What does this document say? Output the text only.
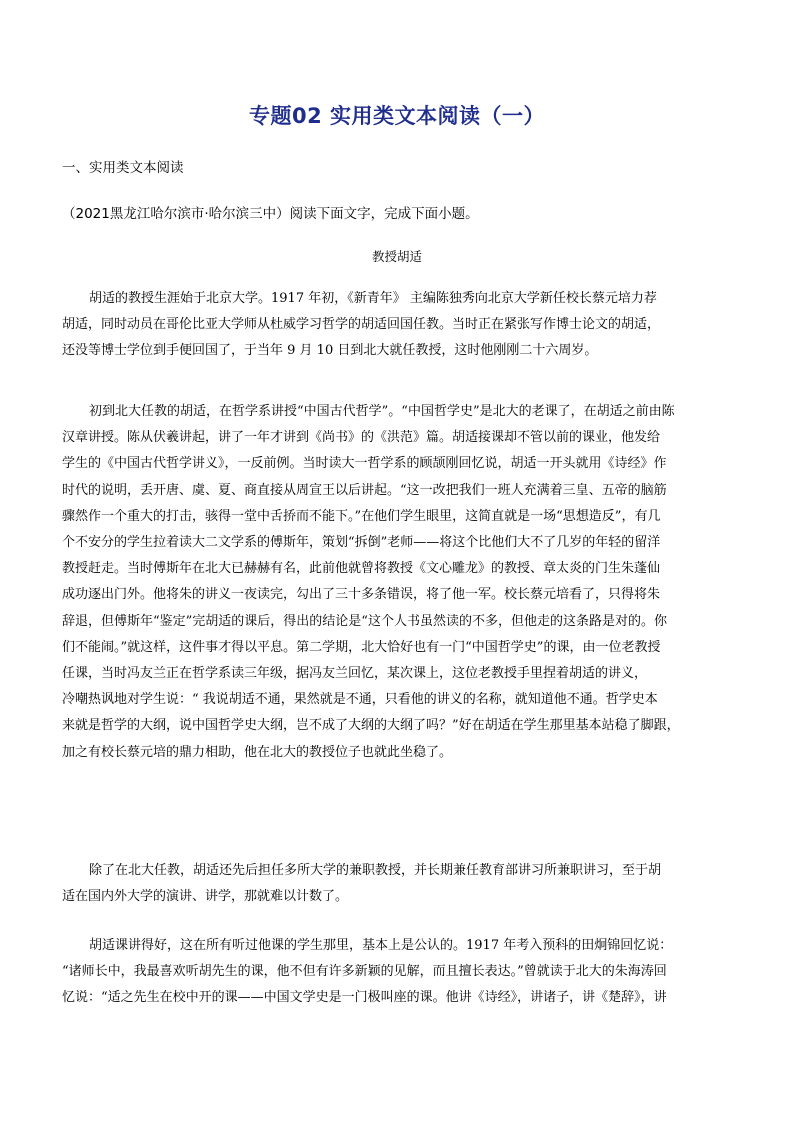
专题02 实用类文本阅读（一）
一、实用类文本阅读
（2021黑龙江哈尔滨市·哈尔滨三中）阅读下面文字，完成下面小题。
教授胡适
胡适的教授生涯始于北京大学。1917 年初，《新青年》 主编陈独秀向北京大学新任校长蔡元培力荐
胡适，同时动员在哥伦比亚大学师从杜威学习哲学的胡适回国任教。当时正在紧张写作博士论文的胡适，
还没等博士学位到手便回国了，于当年 9 月 10 日到北大就任教授，这时他刚刚二十六周岁。
初到北大任教的胡适，在哲学系讲授“中国古代哲学”。“中国哲学史”是北大的老课了，在胡适之前由陈
汉章讲授。陈从伏羲讲起，讲了一年才讲到《尚书》的《洪范》篇。胡适接课却不管以前的课业，他发给
学生的《中国古代哲学讲义》，一反前例。当时读大一哲学系的顾颉刚回忆说，胡适一开头就用《诗经》作
时代的说明，丢开唐、虞、夏、商直接从周宣王以后讲起。“这一改把我们一班人充满着三皇、五帝的脑筋
骤然作一个重大的打击，骇得一堂中舌挢而不能下。”在他们学生眼里，这简直就是一场“思想造反”，有几
个不安分的学生拉着读大二文学系的傅斯年，策划“拆倒”老师——将这个比他们大不了几岁的年轻的留洋
教授赶走。当时傅斯年在北大已赫赫有名，此前他就曾将教授《文心雕龙》的教授、章太炎的门生朱蓬仙
成功逐出门外。他将朱的讲义一夜读完，勾出了三十多条错误，将了他一军。校长蔡元培看了，只得将朱
辞退，但傅斯年“鉴定”完胡适的课后，得出的结论是“这个人书虽然读的不多，但他走的这条路是对的。你
们不能闹。”就这样，这件事才得以平息。第二学期，北大恰好也有一门“中国哲学史”的课，由一位老教授
任课，当时冯友兰正在哲学系读三年级，据冯友兰回忆，某次课上，这位老教授手里捏着胡适的讲义，
冷嘲热讽地对学生说：“ 我说胡适不通，果然就是不通，只看他的讲义的名称，就知道他不通。哲学史本
来就是哲学的大纲，说中国哲学史大纲，岂不成了大纲的大纲了吗？”好在胡适在学生那里基本站稳了脚跟，
加之有校长蔡元培的鼎力相助，他在北大的教授位子也就此坐稳了。
除了在北大任教，胡适还先后担任多所大学的兼职教授，并长期兼任教育部讲习所兼职讲习，至于胡
适在国内外大学的演讲、讲学，那就难以计数了。
胡适课讲得好，这在所有听过他课的学生那里，基本上是公认的。1917 年考入预科的田炯锦回忆说：
“诸师长中，我最喜欢听胡先生的课，他不但有许多新颖的见解，而且擅长表达。”曾就读于北大的朱海涛回
忆说：“适之先生在校中开的课——中国文学史是一门极叫座的课。他讲《诗经》，讲诸子，讲《楚辞》，讲
